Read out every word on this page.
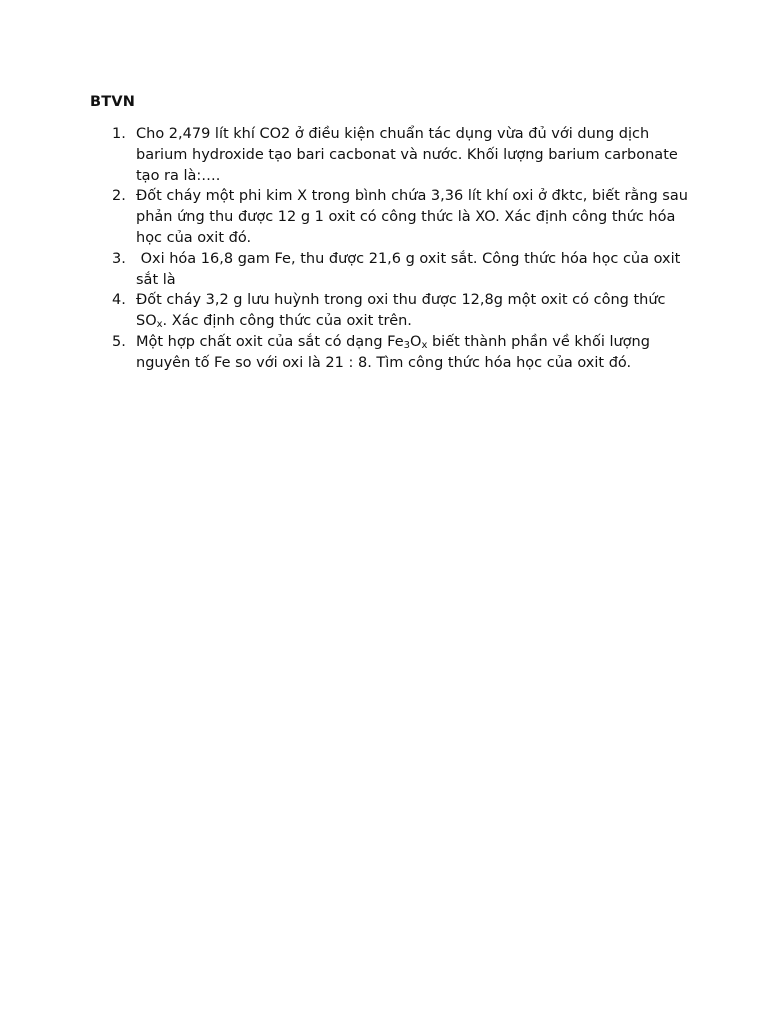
BTVN
1. Cho 2,479 lít khí CO2 ở điều kiện chuẩn tác dụng vừa đủ với dung dịch barium hydroxide tạo bari cacbonat và nước. Khối lượng barium carbonate tạo ra là:….
2. Đốt cháy một phi kim X trong bình chứa 3,36 lít khí oxi ở đktc, biết rằng sau phản ứng thu được 12 g 1 oxit có công thức là XO. Xác định công thức hóa học của oxit đó.
3. Oxi hóa 16,8 gam Fe, thu được 21,6 g oxit sắt. Công thức hóa học của oxit sắt là
4. Đốt cháy 3,2 g lưu huỳnh trong oxi thu được 12,8g một oxit có công thức $SO_x$. Xác định công thức của oxit trên.
5. Một hợp chất oxit của sắt có dạng $Fe_3O_x$ biết thành phần về khối lượng nguyên tố Fe so với oxi là 21 : 8. Tìm công thức hóa học của oxit đó.
